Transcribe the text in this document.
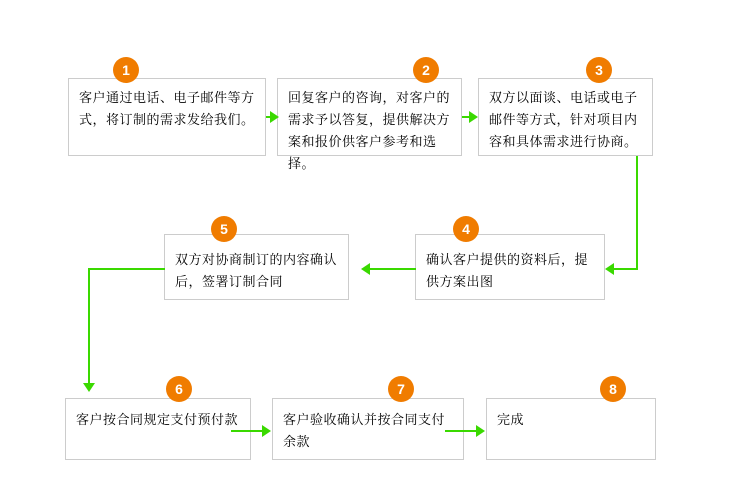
客户通过电话、电子邮件等方式，将订制的需求发给我们。
1
回复客户的咨询，对客户的需求予以答复，提供解决方案和报价供客户参考和选择。
2
双方以面谈、电话或电子邮件等方式，针对项目内容和具体需求进行协商。
3
双方对协商制订的内容确认后，签署订制合同
5
确认客户提供的资料后，提供方案出图
4
客户按合同规定支付预付款
6
客户验收确认并按合同支付余款
7
完成
8
